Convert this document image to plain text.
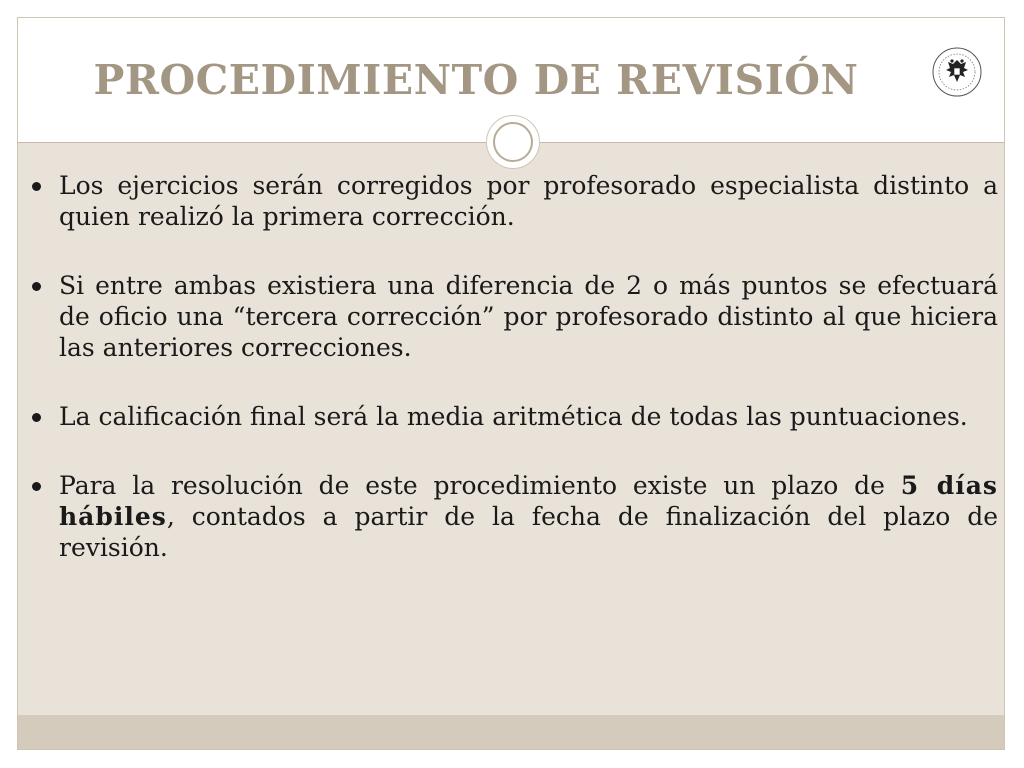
PROCEDIMIENTO DE REVISIÓN
Los ejercicios serán corregidos por profesorado especialista distinto a quien realizó la primera corrección.
Si entre ambas existiera una diferencia de 2 o más puntos se efectuará de oficio una “tercera corrección” por profesorado distinto al que hiciera las anteriores correcciones.
La calificación final será la media aritmética de todas las puntuaciones.
Para la resolución de este procedimiento existe un plazo de 5 días hábiles, contados a partir de la fecha de finalización del plazo de revisión.
